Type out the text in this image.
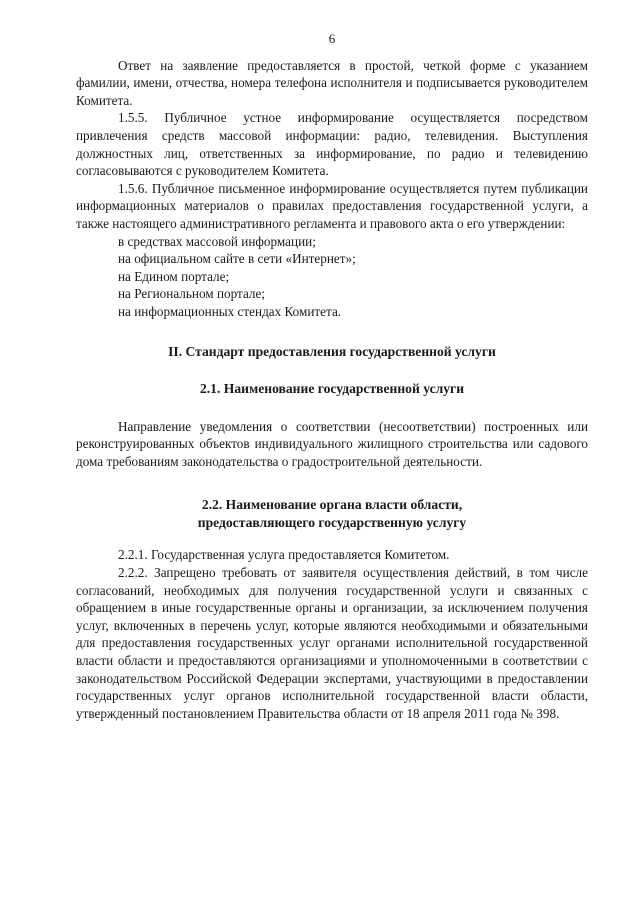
6

Ответ на заявление предоставляется в простой, четкой форме с указанием фамилии, имени, отчества, номера телефона исполнителя и подписывается руководителем Комитета.

1.5.5. Публичное устное информирование осуществляется посредством привлечения средств массовой информации: радио, телевидения. Выступления должностных лиц, ответственных за информирование, по радио и телевидению согласовываются с руководителем Комитета.

1.5.6. Публичное письменное информирование осуществляется путем публикации информационных материалов о правилах предоставления государственной услуги, а также настоящего административного регламента и правового акта о его утверждении:

в средствах массовой информации;
на официальном сайте в сети «Интернет»;
на Едином портале;
на Региональном портале;
на информационных стендах Комитета.
II. Стандарт предоставления государственной услуги
2.1. Наименование государственной услуги

Направление уведомления о соответствии (несоответствии) построенных или реконструированных объектов индивидуального жилищного строительства или садового дома требованиям законодательства о градостроительной деятельности.

2.2. Наименование органа власти области,
предоставляющего государственную услугу

2.2.1. Государственная услуга предоставляется Комитетом.

2.2.2. Запрещено требовать от заявителя осуществления действий, в том числе согласований, необходимых для получения государственной услуги и связанных с обращением в иные государственные органы и организации, за исключением получения услуг, включенных в перечень услуг, которые являются необходимыми и обязательными для предоставления государственных услуг органами исполнительной государственной власти области и предоставляются организациями и уполномоченными в соответствии с законодательством Российской Федерации экспертами, участвующими в предоставлении государственных услуг органов исполнительной государственной власти области, утвержденный постановлением Правительства области от 18 апреля 2011 года № 398.
